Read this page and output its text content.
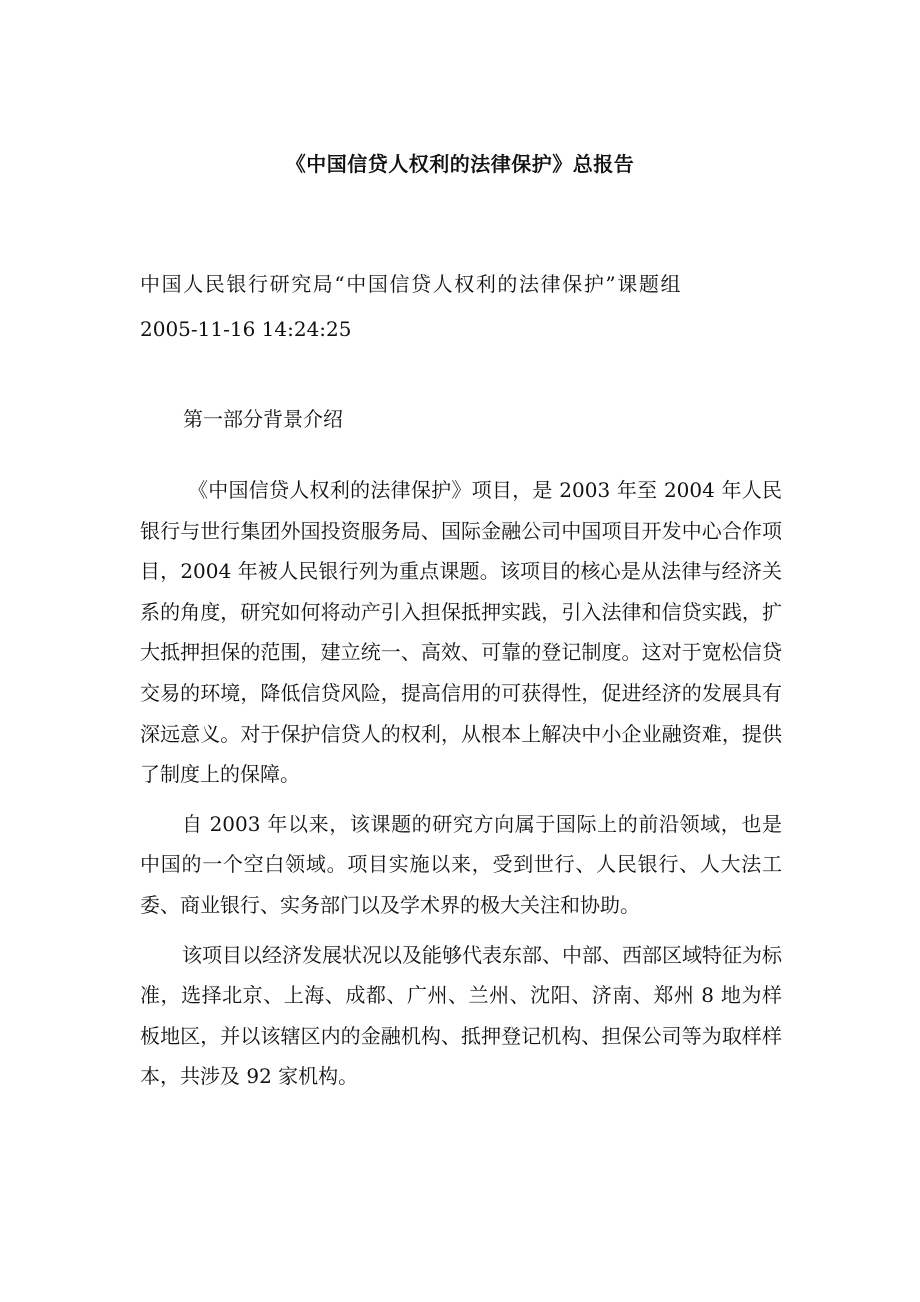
《中国信贷人权利的法律保护》总报告
中国人民银行研究局“中国信贷人权利的法律保护”课题组
2005-11-16 14:24:25
第一部分背景介绍

《中国信贷人权利的法律保护》项目，是 2003 年至 2004 年人民银行与世行集团外国投资服务局、国际金融公司中国项目开发中心合作项目，2004 年被人民银行列为重点课题。该项目的核心是从法律与经济关系的角度，研究如何将动产引入担保抵押实践，引入法律和信贷实践，扩大抵押担保的范围，建立统一、高效、可靠的登记制度。这对于宽松信贷交易的环境，降低信贷风险，提高信用的可获得性，促进经济的发展具有深远意义。对于保护信贷人的权利，从根本上解决中小企业融资难，提供了制度上的保障。

自 2003 年以来，该课题的研究方向属于国际上的前沿领域，也是中国的一个空白领域。项目实施以来，受到世行、人民银行、人大法工委、商业银行、实务部门以及学术界的极大关注和协助。

该项目以经济发展状况以及能够代表东部、中部、西部区域特征为标准，选择北京、上海、成都、广州、兰州、沈阳、济南、郑州 8 地为样板地区，并以该辖区内的金融机构、抵押登记机构、担保公司等为取样样本，共涉及 92 家机构。
